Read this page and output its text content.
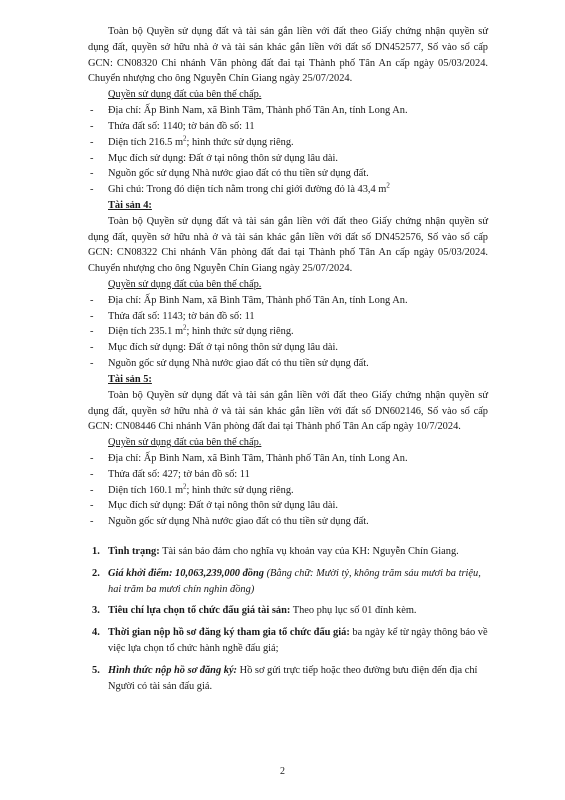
Toàn bộ Quyền sử dụng đất và tài sản gắn liền với đất theo Giấy chứng nhận quyền sử dụng đất, quyền sở hữu nhà ở và tài sản khác gắn liền với đất số DN452577, Số vào sổ cấp GCN: CN08320 Chi nhánh Văn phòng đất đai tại Thành phố Tân An cấp ngày 05/03/2024. Chuyển nhượng cho ông Nguyễn Chín Giang ngày 25/07/2024.

Quyền sử dụng đất của bên thế chấp.

- Địa chỉ: Ấp Bình Nam, xã Bình Tâm, Thành phố Tân An, tỉnh Long An.
- Thửa đất số: 1140; tờ bản đồ số: 11
- Diện tích 216.5 $m^2$; hình thức sử dụng riêng.
- Mục đích sử dụng: Đất ở tại nông thôn sử dụng lâu dài.
- Nguồn gốc sử dụng Nhà nước giao đất có thu tiền sử dụng đất.
- Ghi chú: Trong đó diện tích nằm trong chỉ giới đường đỏ là 43,4 $m^2$

Tài sản 4:

Toàn bộ Quyền sử dụng đất và tài sản gắn liền với đất theo Giấy chứng nhận quyền sử dụng đất, quyền sở hữu nhà ở và tài sản khác gắn liền với đất số DN452576, Số vào sổ cấp GCN: CN08322 Chi nhánh Văn phòng đất đai tại Thành phố Tân An cấp ngày 05/03/2024. Chuyển nhượng cho ông Nguyễn Chín Giang ngày 25/07/2024.

Quyền sử dụng đất của bên thế chấp.

- Địa chỉ: Ấp Bình Nam, xã Bình Tâm, Thành phố Tân An, tỉnh Long An.
- Thửa đất số: 1143; tờ bản đồ số: 11
- Diện tích 235.1 $m^2$; hình thức sử dụng riêng.
- Mục đích sử dụng: Đất ở tại nông thôn sử dụng lâu dài.
- Nguồn gốc sử dụng Nhà nước giao đất có thu tiền sử dụng đất.

Tài sản 5:

Toàn bộ Quyền sử dụng đất và tài sản gắn liền với đất theo Giấy chứng nhận quyền sử dụng đất, quyền sở hữu nhà ở và tài sản khác gắn liền với đất số DN602146, Số vào sổ cấp GCN: CN08446 Chi nhánh Văn phòng đất đai tại Thành phố Tân An cấp ngày 10/7/2024.

Quyền sử dụng đất của bên thế chấp.

- Địa chỉ: Ấp Bình Nam, xã Bình Tâm, Thành phố Tân An, tỉnh Long An.
- Thửa đất số: 427; tờ bản đồ số: 11
- Diện tích 160.1 $m^2$; hình thức sử dụng riêng.
- Mục đích sử dụng: Đất ở tại nông thôn sử dụng lâu dài.
- Nguồn gốc sử dụng Nhà nước giao đất có thu tiền sử dụng đất.
1. Tình trạng: Tài sản bảo đảm cho nghĩa vụ khoản vay của KH: Nguyễn Chín Giang.
2. Giá khởi điểm: 10,063,239,000 đồng (Bằng chữ: Mười tỷ, không trăm sáu mươi ba triệu, hai trăm ba mươi chín nghìn đồng)
3. Tiêu chí lựa chọn tổ chức đấu giá tài sản: Theo phụ lục số 01 đính kèm.
4. Thời gian nộp hồ sơ đăng ký tham gia tổ chức đấu giá: ba ngày kể từ ngày thông báo về việc lựa chọn tổ chức hành nghề đấu giá;
5. Hình thức nộp hồ sơ đăng ký: Hồ sơ gửi trực tiếp hoặc theo đường bưu điện đến địa chỉ Người có tài sản đấu giá.
2
